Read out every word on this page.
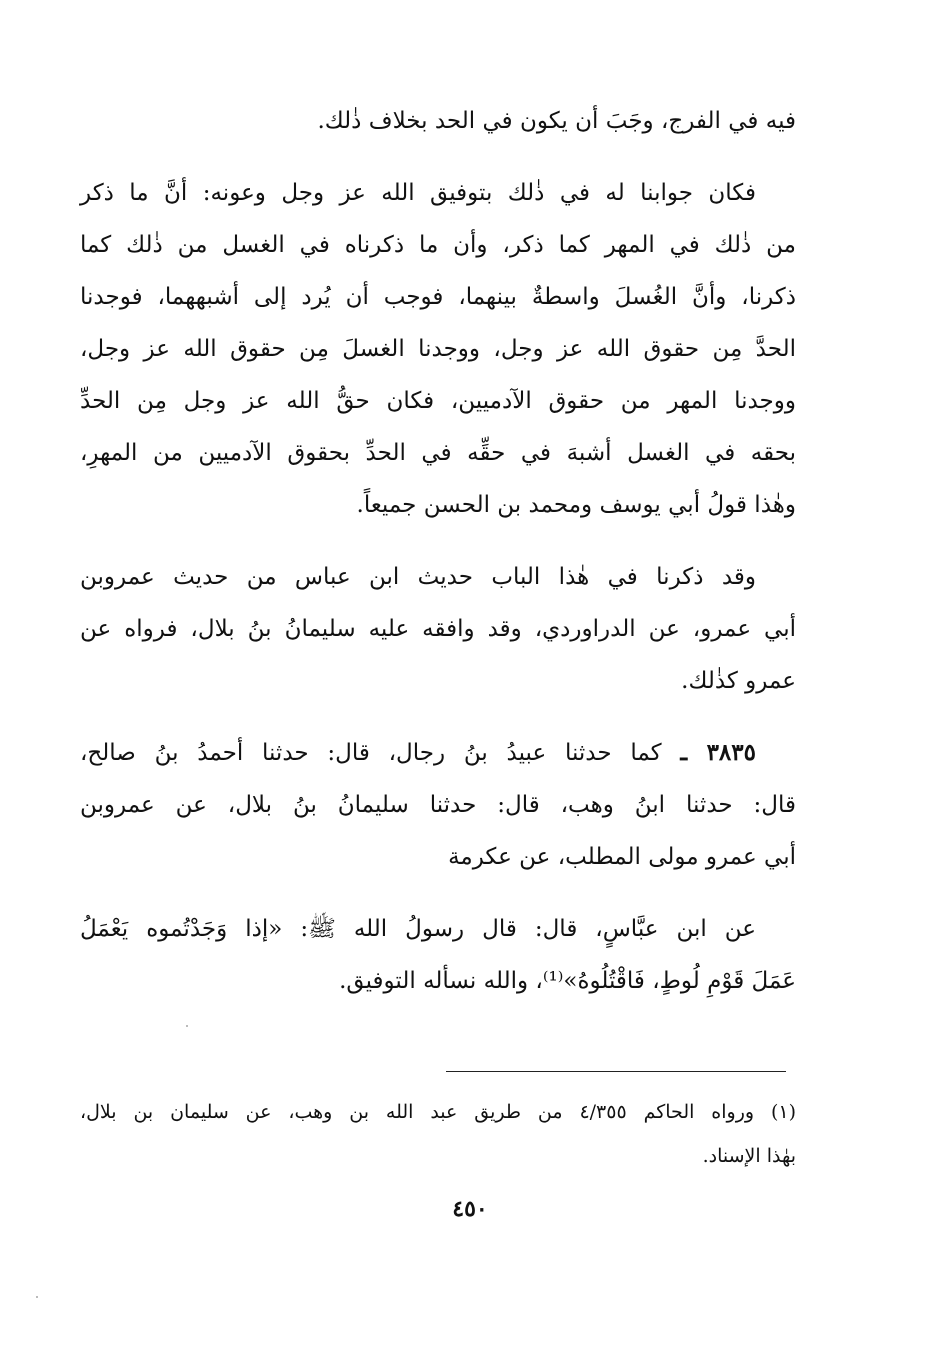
فيه في الفرج، وجَبَ أن يكون في الحد بخلاف ذٰلك.
فكان جوابنا له في ذٰلك بتوفيق الله عز وجل وعونه: أنَّ ما ذكر
من ذٰلك في المهر كما ذكر، وأن ما ذكرناه في الغسل من ذٰلك كما
ذكرنا، وأنَّ الغُسلَ واسطةٌ بينهما، فوجب أن يُرد إلى أشبههما، فوجدنا
الحدَّ مِن حقوق الله عز وجل، ووجدنا الغسلَ مِن حقوق الله عز وجل،
ووجدنا المهر من حقوق الآدميين، فكان حقُّ الله عز وجل مِن الحدِّ
بحقه في الغسل أشبهَ في حقِّه في الحدِّ بحقوق الآدميين من المهرِ،
وهٰذا قولُ أبي يوسف ومحمد بن الحسن جميعاً.
وقد ذكرنا في هٰذا الباب حديث ابن عباس من حديث عمروبن
أبي عمرو، عن الدراوردي، وقد وافقه عليه سليمانُ بنُ بلال، فرواه عن
عمرو كذٰلك.
٣٨٣٥ ـ كما حدثنا عبيدُ بنُ رجال، قال: حدثنا أحمدُ بنُ صالح،
قال: حدثنا ابنُ وهب، قال: حدثنا سليمانُ بنُ بلال، عن عمروبن
أبي عمرو مولى المطلب، عن عكرمة
عن ابن عبَّاسٍ، قال: قال رسولُ الله ﷺ: «إذا وَجَدْتُموه يَعْمَلُ
عَمَلَ قَوْمِ لُوطٍ، فَاقْتُلُوهُ»⁽¹⁾، والله نسأله التوفيق.
(١) ورواه الحاكم ٤/٣٥٥ من طريق عبد الله بن وهب، عن سليمان بن بلال،
بهٰذا الإسناد.
٤٥٠
